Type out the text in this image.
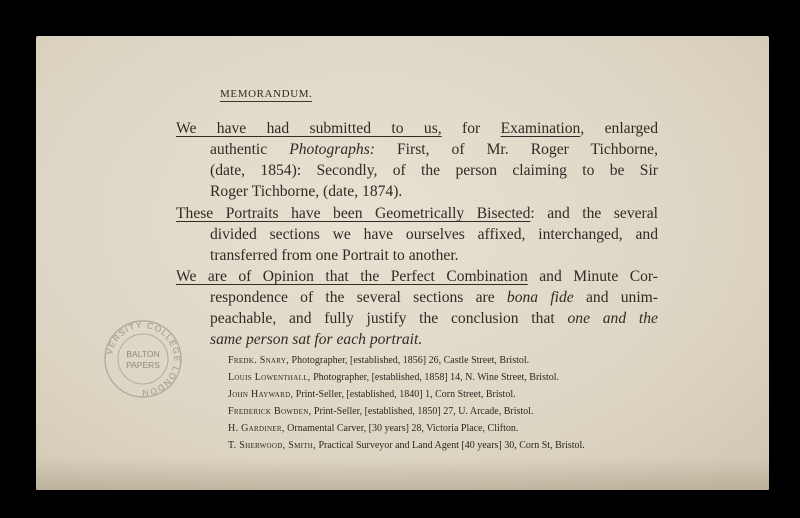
MEMORANDUM.
We have had submitted to us, for Examination, enlarged
authentic Photographs: First, of Mr. Roger Tichborne,
(date, 1854): Secondly, of the person claiming to be Sir
Roger Tichborne, (date, 1874).
These Portraits have been Geometrically Bisected: and the several
divided sections we have ourselves affixed, interchanged, and
transferred from one Portrait to another.
We are of Opinion that the Perfect Combination and Minute Cor-
respondence of the several sections are bona fide and unim-
peachable, and fully justify the conclusion that one and the
same person sat for each portrait.
Fredk. Snary, Photographer, [established, 1856] 26, Castle Street, Bristol.
Louis Lowenthall, Photographer, [established, 1858] 14, N. Wine Street, Bristol.
John Hayward, Print-Seller, [established, 1840] 1, Corn Street, Bristol.
Frederick Bowden, Print-Seller, [established, 1850] 27, U. Arcade, Bristol.
H. Gardiner, Ornamental Carver, [30 years] 28, Victoria Place, Clifton.
T. Sherwood, Smith, Practical Surveyor and Land Agent [40 years] 30, Corn St, Bristol.
VERSITY COLLEGE LONDON
BALTON
PAPERS
